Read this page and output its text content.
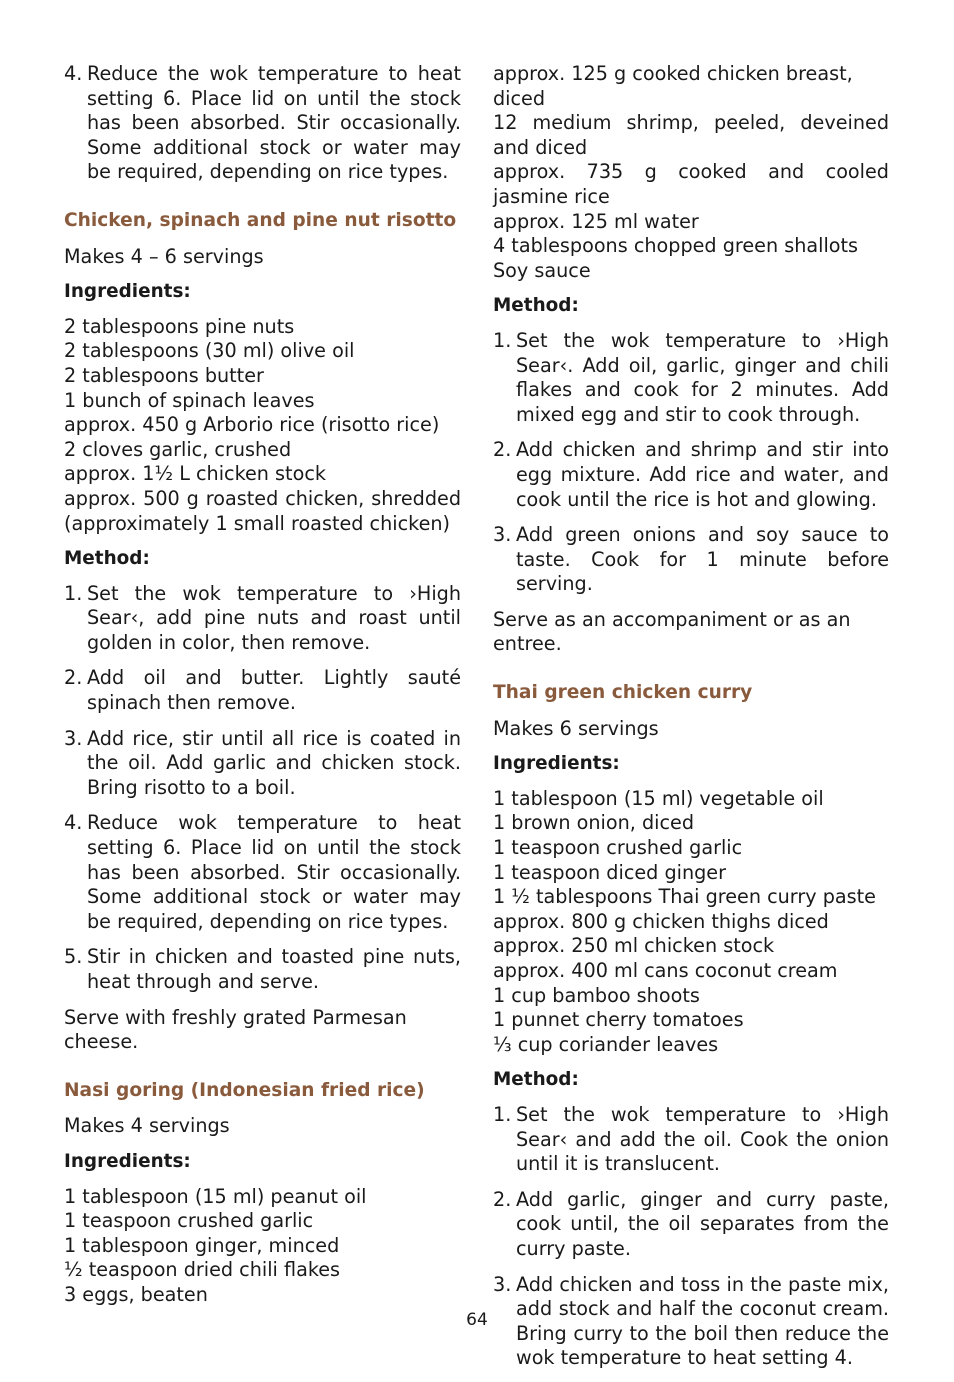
4. Reduce the wok temperature to heat setting 6. Place lid on until the stock has been absorbed. Stir occasionally. Some additional stock or water may be required, depending on rice types.
Chicken, spinach and pine nut risotto
Makes 4 – 6 servings
Ingredients:
2 tablespoons pine nuts
2 tablespoons (30 ml) olive oil
2 tablespoons butter
1 bunch of spinach leaves
approx. 450 g Arborio rice (risotto rice)
2 cloves garlic, crushed
approx. 1½ L chicken stock
approx. 500 g roasted chicken, shredded (approximately 1 small roasted chicken)
Method:
1. Set the wok temperature to ›High Sear‹, add pine nuts and roast until golden in color, then remove.
2. Add oil and butter. Lightly sauté spinach then remove.
3. Add rice, stir until all rice is coated in the oil. Add garlic and chicken stock. Bring risotto to a boil.
4. Reduce wok temperature to heat setting 6. Place lid on until the stock has been absorbed. Stir occasionally. Some additional stock or water may be required, depending on rice types.
5. Stir in chicken and toasted pine nuts, heat through and serve.
Serve with freshly grated Parmesan cheese.
Nasi goring (Indonesian fried rice)
Makes 4 servings
Ingredients:
1 tablespoon (15 ml) peanut oil
1 teaspoon crushed garlic
1 tablespoon ginger, minced
½ teaspoon dried chili flakes
3 eggs, beaten
approx. 125 g cooked chicken breast, diced
12 medium shrimp, peeled, deveined and diced
approx. 735 g cooked and cooled jasmine rice
approx. 125 ml water
4 tablespoons chopped green shallots
Soy sauce
Method:
1. Set the wok temperature to ›High Sear‹. Add oil, garlic, ginger and chili flakes and cook for 2 minutes. Add mixed egg and stir to cook through.
2. Add chicken and shrimp and stir into egg mixture. Add rice and water, and cook until the rice is hot and glowing.
3. Add green onions and soy sauce to taste. Cook for 1 minute before serving.
Serve as an accompaniment or as an entree.
Thai green chicken curry
Makes 6 servings
Ingredients:
1 tablespoon (15 ml) vegetable oil
1 brown onion, diced
1 teaspoon crushed garlic
1 teaspoon diced ginger
1 ½ tablespoons Thai green curry paste
approx. 800 g chicken thighs diced
approx. 250 ml chicken stock
approx. 400 ml cans coconut cream
1 cup bamboo shoots
1 punnet cherry tomatoes
⅓ cup coriander leaves
Method:
1. Set the wok temperature to ›High Sear‹ and add the oil. Cook the onion until it is translucent.
2. Add garlic, ginger and curry paste, cook until, the oil separates from the curry paste.
3. Add chicken and toss in the paste mix, add stock and half the coconut cream. Bring curry to the boil then reduce the wok temperature to heat setting 4.
64
